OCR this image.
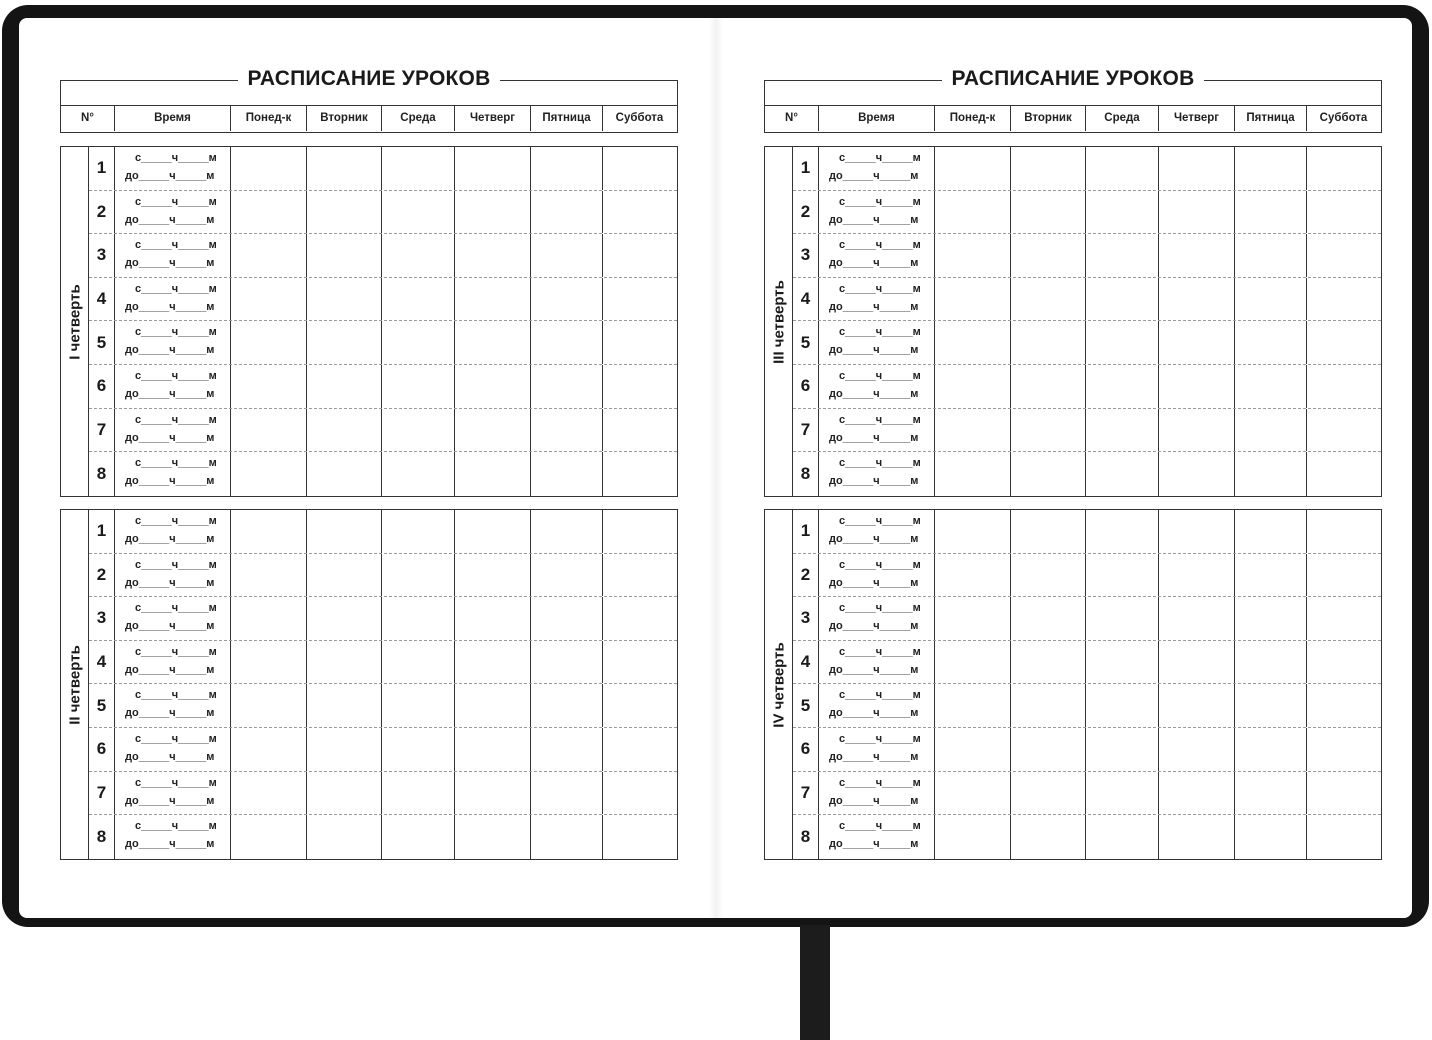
РАСПИСАНИЕ УРОКОВ
N°	Время	Понед-к	Вторник	Среда	Четверг	Пятница	Суббота
I четверть
1
с_____ч_____м
до_____ч_____м
2
с_____ч_____м
до_____ч_____м
3
с_____ч_____м
до_____ч_____м
4
с_____ч_____м
до_____ч_____м
5
с_____ч_____м
до_____ч_____м
6
с_____ч_____м
до_____ч_____м
7
с_____ч_____м
до_____ч_____м
8
с_____ч_____м
до_____ч_____м
II четверть
1
с_____ч_____м
до_____ч_____м
2
с_____ч_____м
до_____ч_____м
3
с_____ч_____м
до_____ч_____м
4
с_____ч_____м
до_____ч_____м
5
с_____ч_____м
до_____ч_____м
6
с_____ч_____м
до_____ч_____м
7
с_____ч_____м
до_____ч_____м
8
с_____ч_____м
до_____ч_____м
РАСПИСАНИЕ УРОКОВ
N°	Время	Понед-к	Вторник	Среда	Четверг	Пятница	Суббота
III четверть
1
с_____ч_____м
до_____ч_____м
2
с_____ч_____м
до_____ч_____м
3
с_____ч_____м
до_____ч_____м
4
с_____ч_____м
до_____ч_____м
5
с_____ч_____м
до_____ч_____м
6
с_____ч_____м
до_____ч_____м
7
с_____ч_____м
до_____ч_____м
8
с_____ч_____м
до_____ч_____м
IV четверть
1
с_____ч_____м
до_____ч_____м
2
с_____ч_____м
до_____ч_____м
3
с_____ч_____м
до_____ч_____м
4
с_____ч_____м
до_____ч_____м
5
с_____ч_____м
до_____ч_____м
6
с_____ч_____м
до_____ч_____м
7
с_____ч_____м
до_____ч_____м
8
с_____ч_____м
до_____ч_____м
